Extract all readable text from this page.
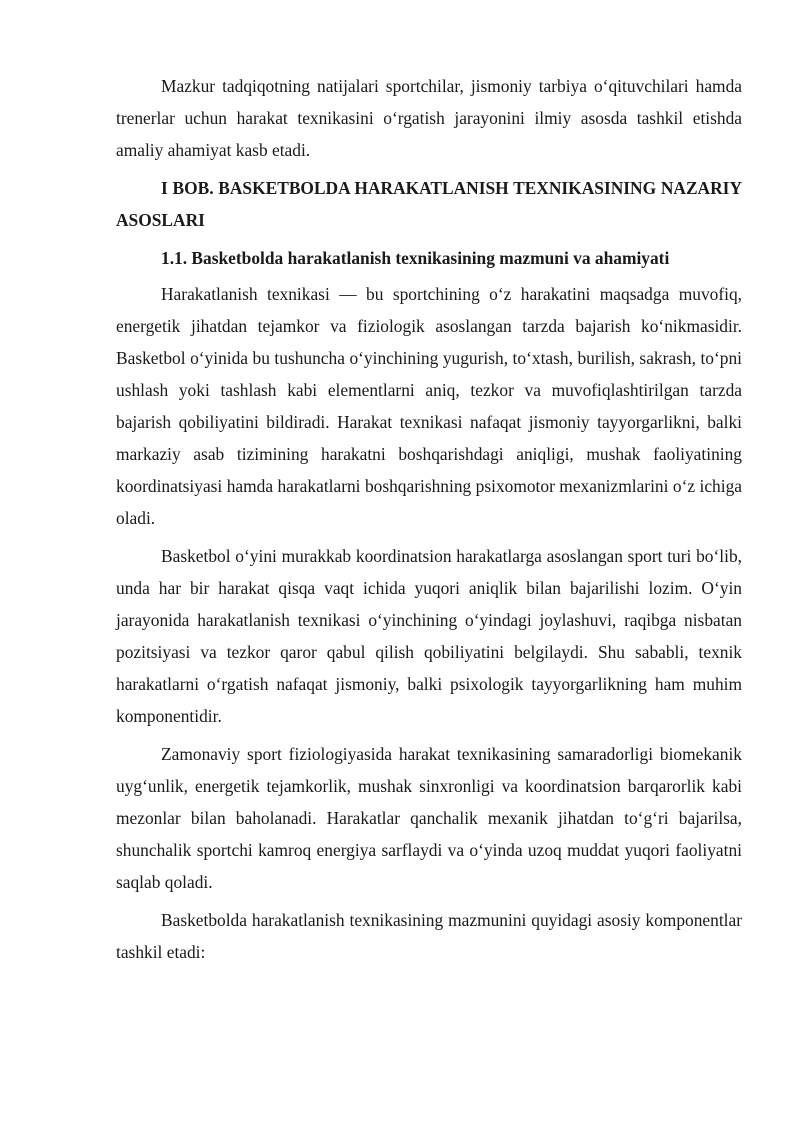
Mazkur tadqiqotning natijalari sportchilar, jismoniy tarbiya o‘qituvchilari hamda trenerlar uchun harakat texnikasini o‘rgatish jarayonini ilmiy asosda tashkil etishda amaliy ahamiyat kasb etadi.

I BOB. BASKETBOLDA HARAKATLANISH TEXNIKASINING NAZARIY ASOSLARI

1.1. Basketbolda harakatlanish texnikasining mazmuni va ahamiyati

Harakatlanish texnikasi — bu sportchining o‘z harakatini maqsadga muvofiq, energetik jihatdan tejamkor va fiziologik asoslangan tarzda bajarish ko‘nikmasidir. Basketbol o‘yinida bu tushuncha o‘yinchining yugurish, to‘xtash, burilish, sakrash, to‘pni ushlash yoki tashlash kabi elementlarni aniq, tezkor va muvofiqlashtirilgan tarzda bajarish qobiliyatini bildiradi. Harakat texnikasi nafaqat jismoniy tayyorgarlikni, balki markaziy asab tizimining harakatni boshqarishdagi aniqligi, mushak faoliyatining koordinatsiyasi hamda harakatlarni boshqarishning psixomotor mexanizmlarini o‘z ichiga oladi.

Basketbol o‘yini murakkab koordinatsion harakatlarga asoslangan sport turi bo‘lib, unda har bir harakat qisqa vaqt ichida yuqori aniqlik bilan bajarilishi lozim. O‘yin jarayonida harakatlanish texnikasi o‘yinchining o‘yindagi joylashuvi, raqibga nisbatan pozitsiyasi va tezkor qaror qabul qilish qobiliyatini belgilaydi. Shu sababli, texnik harakatlarni o‘rgatish nafaqat jismoniy, balki psixologik tayyorgarlikning ham muhim komponentidir.

Zamonaviy sport fiziologiyasida harakat texnikasining samaradorligi biomekanik uyg‘unlik, energetik tejamkorlik, mushak sinxronligi va koordinatsion barqarorlik kabi mezonlar bilan baholanadi. Harakatlar qanchalik mexanik jihatdan to‘g‘ri bajarilsa, shunchalik sportchi kamroq energiya sarflaydi va o‘yinda uzoq muddat yuqori faoliyatni saqlab qoladi.

Basketbolda harakatlanish texnikasining mazmunini quyidagi asosiy komponentlar tashkil etadi:
